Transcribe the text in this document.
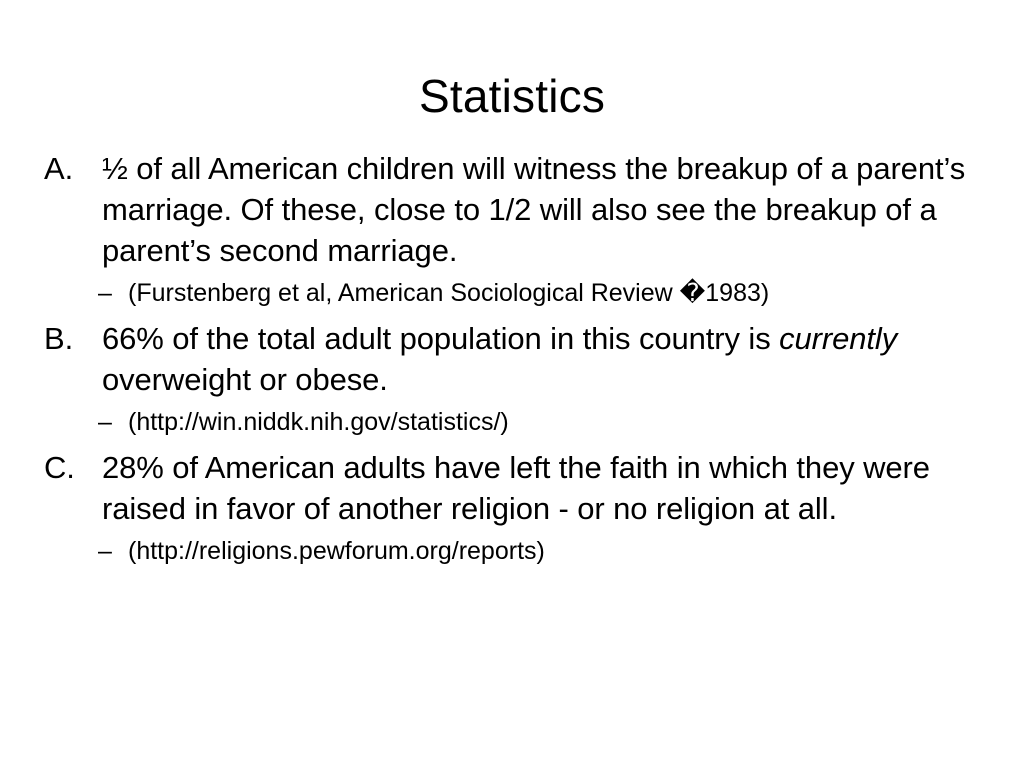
Statistics
A. ½ of all American children will witness the breakup of a parent’s marriage. Of these, close to 1/2 will also see the breakup of a parent’s second marriage.
– (Furstenberg et al, American Sociological Review �1983)
B. 66% of the total adult population in this country is currently overweight or obese.
– (http://win.niddk.nih.gov/statistics/)
C. 28% of American adults have left the faith in which they were raised in favor of another religion - or no religion at all.
– (http://religions.pewforum.org/reports)
